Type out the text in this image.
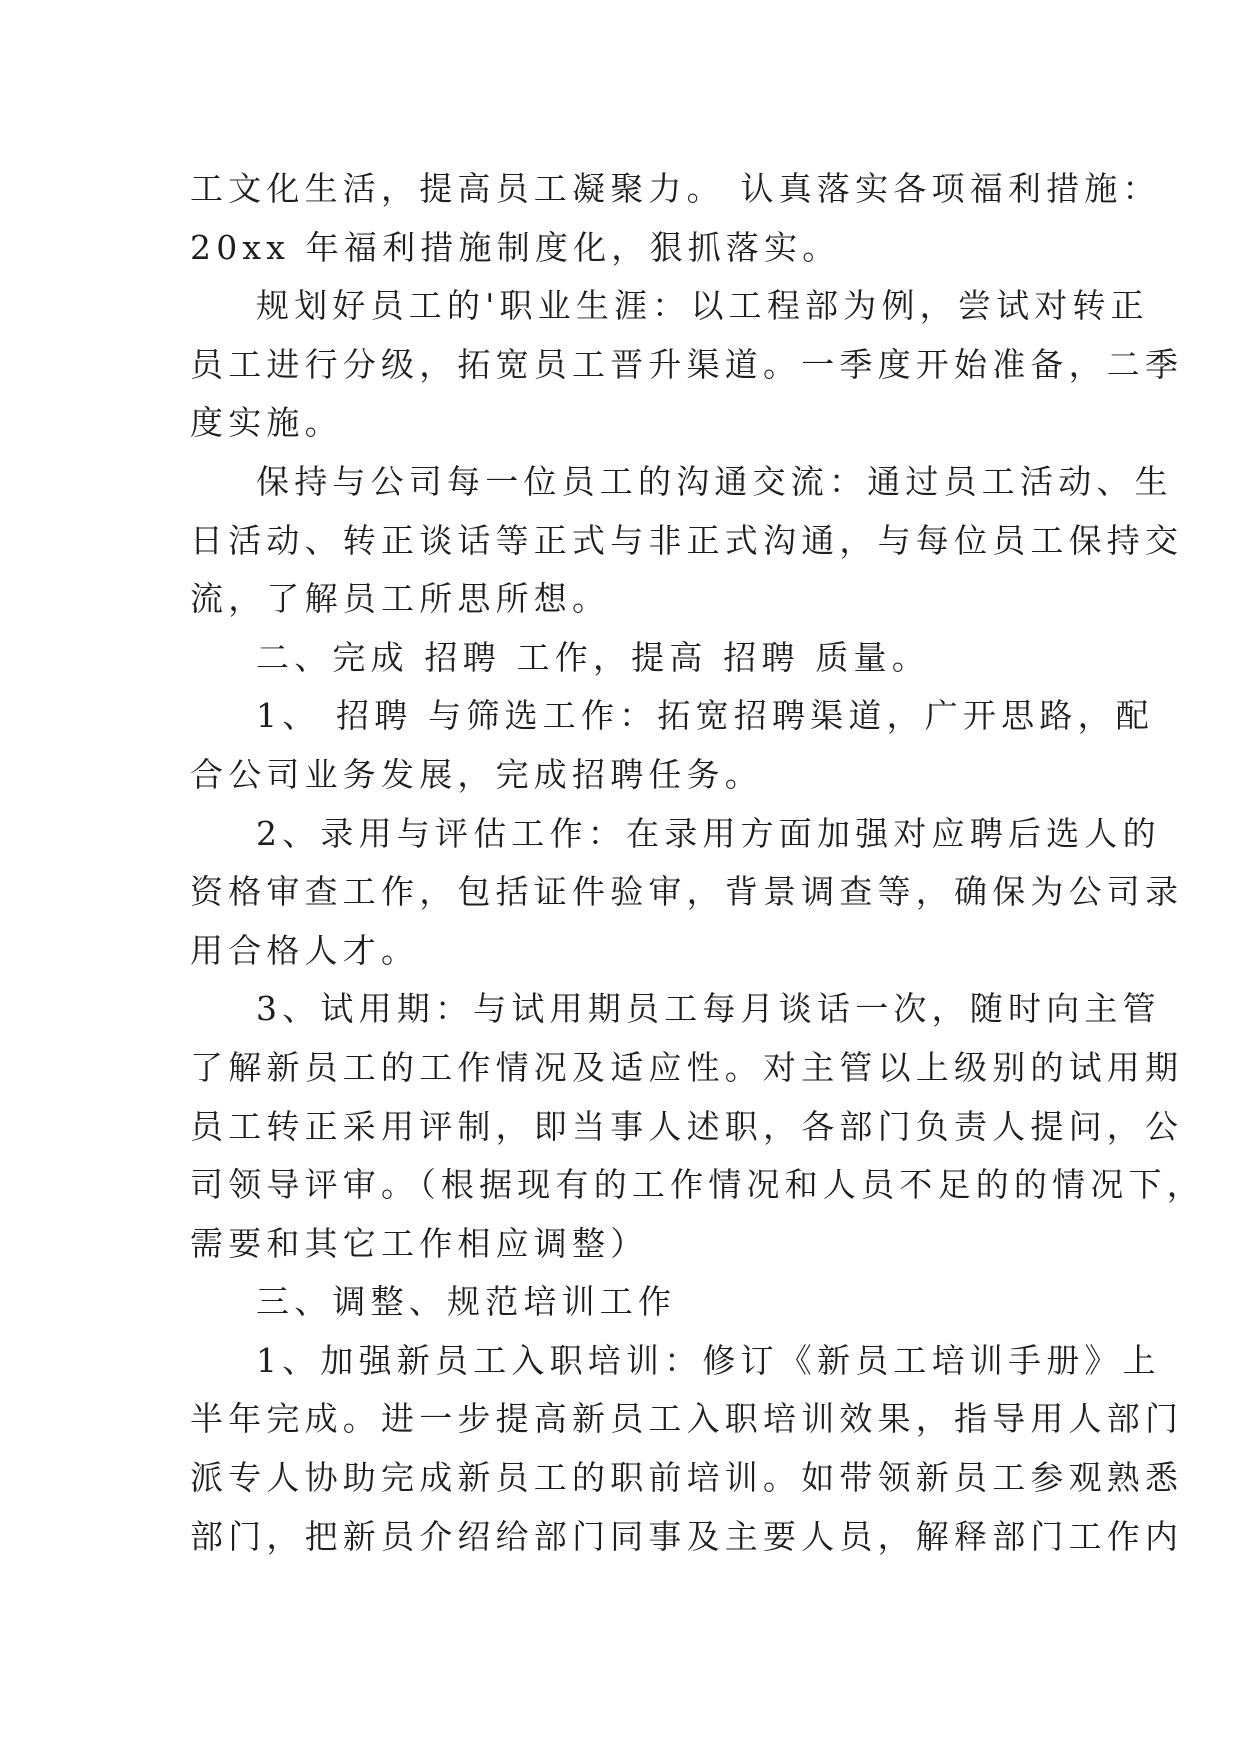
工文化生活，提高员工凝聚力。 认真落实各项福利措施：
20xx 年福利措施制度化，狠抓落实。
规划好员工的'职业生涯：以工程部为例，尝试对转正
员工进行分级，拓宽员工晋升渠道。一季度开始准备，二季
度实施。
保持与公司每一位员工的沟通交流：通过员工活动、生
日活动、转正谈话等正式与非正式沟通，与每位员工保持交
流，了解员工所思所想。
二、完成 招聘 工作，提高 招聘 质量。
1、 招聘 与筛选工作：拓宽招聘渠道，广开思路，配
合公司业务发展，完成招聘任务。
2、录用与评估工作：在录用方面加强对应聘后选人的
资格审查工作，包括证件验审，背景调查等，确保为公司录
用合格人才。
3、试用期：与试用期员工每月谈话一次，随时向主管
了解新员工的工作情况及适应性。对主管以上级别的试用期
员工转正采用评制，即当事人述职，各部门负责人提问，公
司领导评审。（根据现有的工作情况和人员不足的的情况下，
需要和其它工作相应调整）
三、调整、规范培训工作
1、加强新员工入职培训：修订《新员工培训手册》上
半年完成。进一步提高新员工入职培训效果，指导用人部门
派专人协助完成新员工的职前培训。如带领新员工参观熟悉
部门，把新员介绍给部门同事及主要人员，解释部门工作内
